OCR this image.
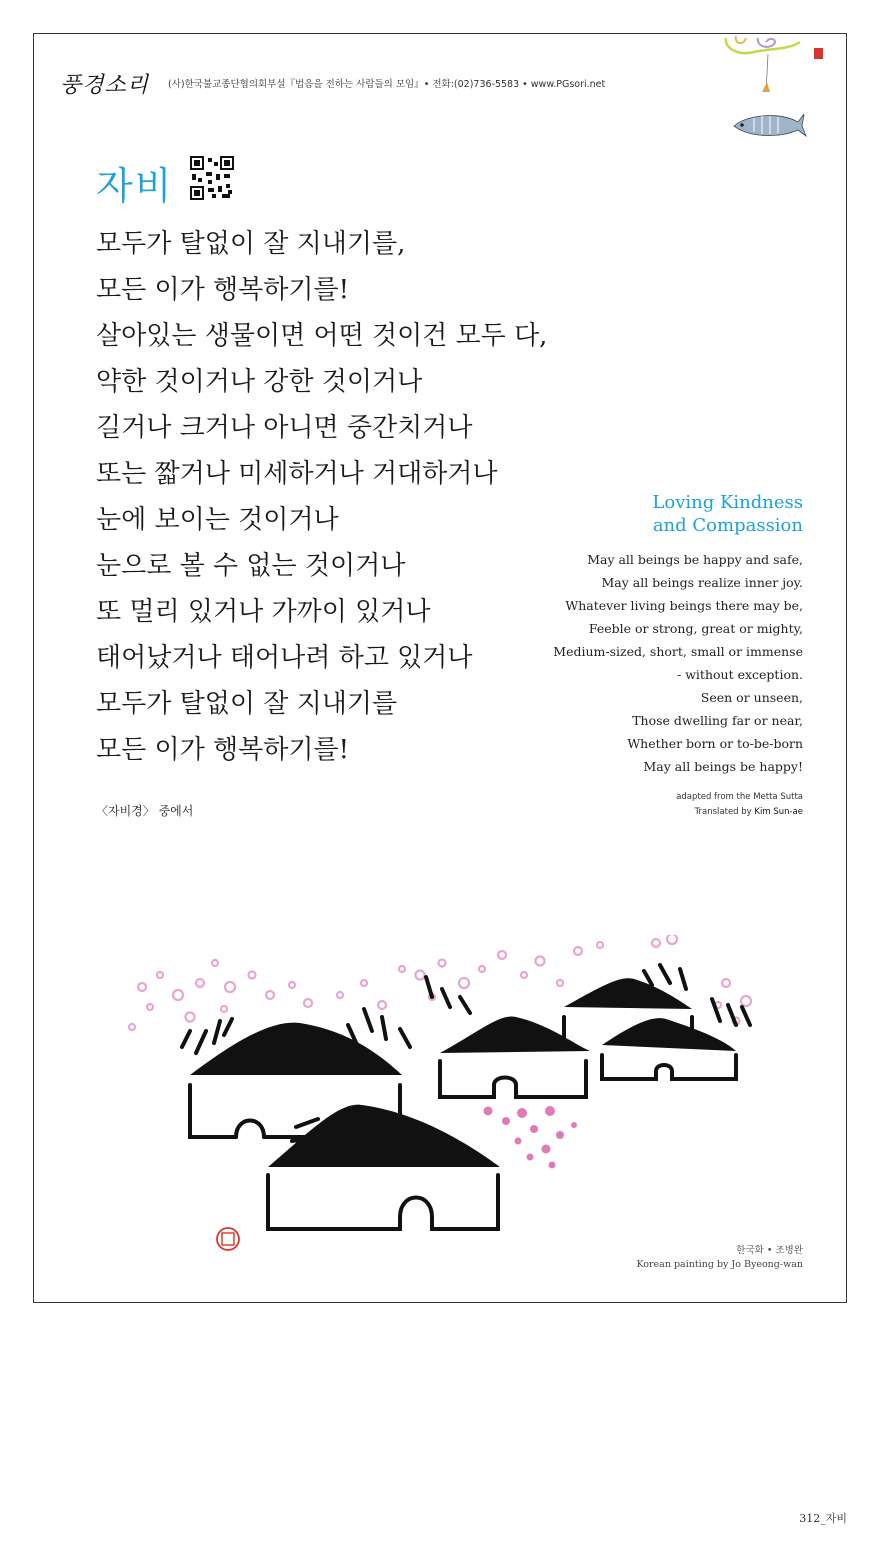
풍경소리 (사)한국불교종단협의회부설『법음을 전하는 사람들의 모임』• 전화:(02)736-5583 • www.PGsori.net
자비
모두가 탈없이 잘 지내기를,
모든 이가 행복하기를!
살아있는 생물이면 어떤 것이건 모두 다,
약한 것이거나 강한 것이거나
길거나 크거나 아니면 중간치거나
또는 짧거나 미세하거나 거대하거나
눈에 보이는 것이거나
눈으로 볼 수 없는 것이거나
또 멀리 있거나 가까이 있거나
태어났거나 태어나려 하고 있거나
모두가 탈없이 잘 지내기를
모든 이가 행복하기를!
〈자비경〉 중에서
Loving Kindness
and Compassion
May all beings be happy and safe,
May all beings realize inner joy.
Whatever living beings there may be,
Feeble or strong, great or mighty,
Medium-sized, short, small or immense
- without exception.
Seen or unseen,
Those dwelling far or near,
Whether born or to-be-born
May all beings be happy!
adapted from the Metta Sutta
Translated by Kim Sun-ae
한국화 • 조병완
Korean painting by Jo Byeong-wan
312_자비
